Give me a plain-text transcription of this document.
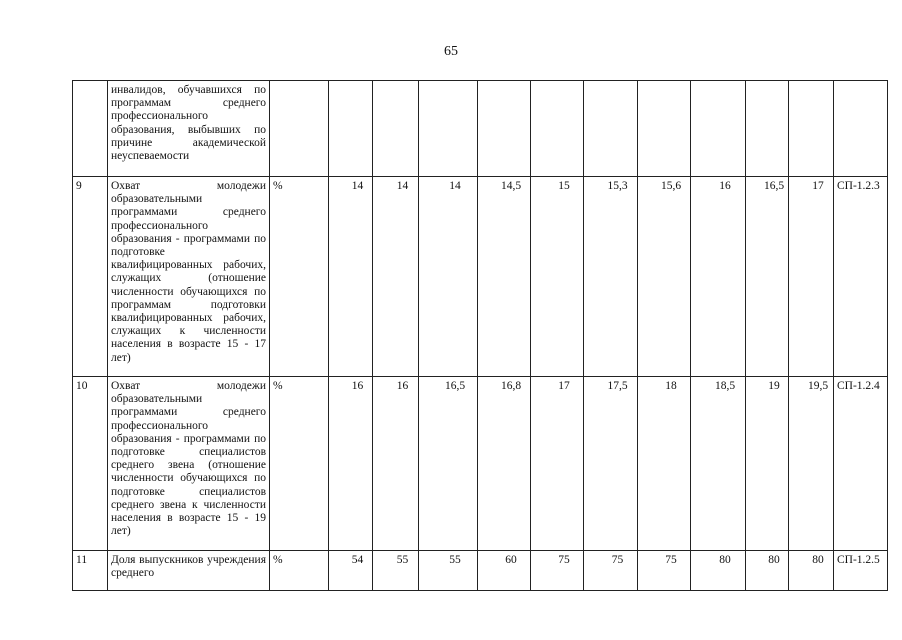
65
	инвалидов, обучавшихся по программам среднего профессионального образования, выбывших по причине академической неуспеваемости												
9	Охват молодежи образовательными программами среднего профессионального образования - программами по подготовке квалифицированных рабочих, служащих (отношение численности обучающихся по программам подготовки квалифицированных рабочих, служащих к численности населения в возрасте 15 - 17 лет)	%	14	14	14	14,5	15	15,3	15,6	16	16,5	17	СП-1.2.3
10	Охват молодежи образовательными программами среднего профессионального образования - программами по подготовке специалистов среднего звена (отношение численности обучающихся по подготовке специалистов среднего звена к численности населения в возрасте 15 - 19 лет)	%	16	16	16,5	16,8	17	17,5	18	18,5	19	19,5	СП-1.2.4
11	Доля выпускников учреждения среднего	%	54	55	55	60	75	75	75	80	80	80	СП-1.2.5
